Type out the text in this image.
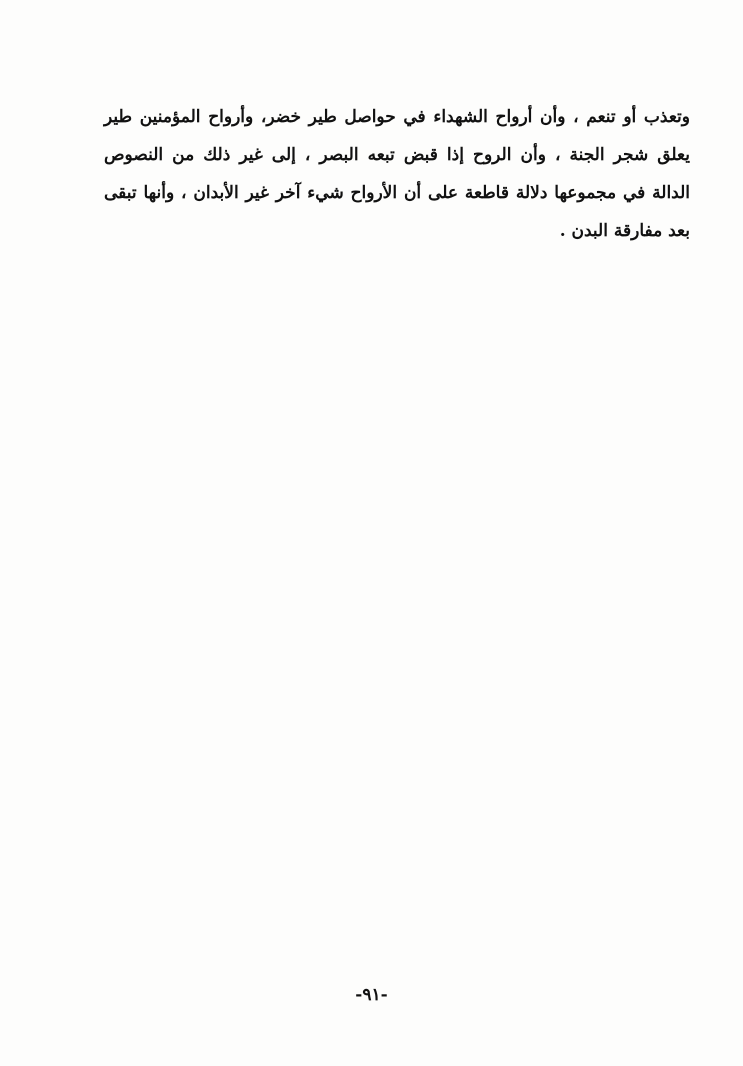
وتعذب أو تنعم ، وأن أرواح الشهداء في حواصل طير خضر، وأرواح المؤمنين طير
يعلق شجر الجنة ، وأن الروح إذا قبض تبعه البصر ، إلى غير ذلك من النصوص
الدالة في مجموعها دلالة قاطعة على أن الأرواح شيء آخر غير الأبدان ، وأنها تبقى
بعد مفارقة البدن .
-٩١-
